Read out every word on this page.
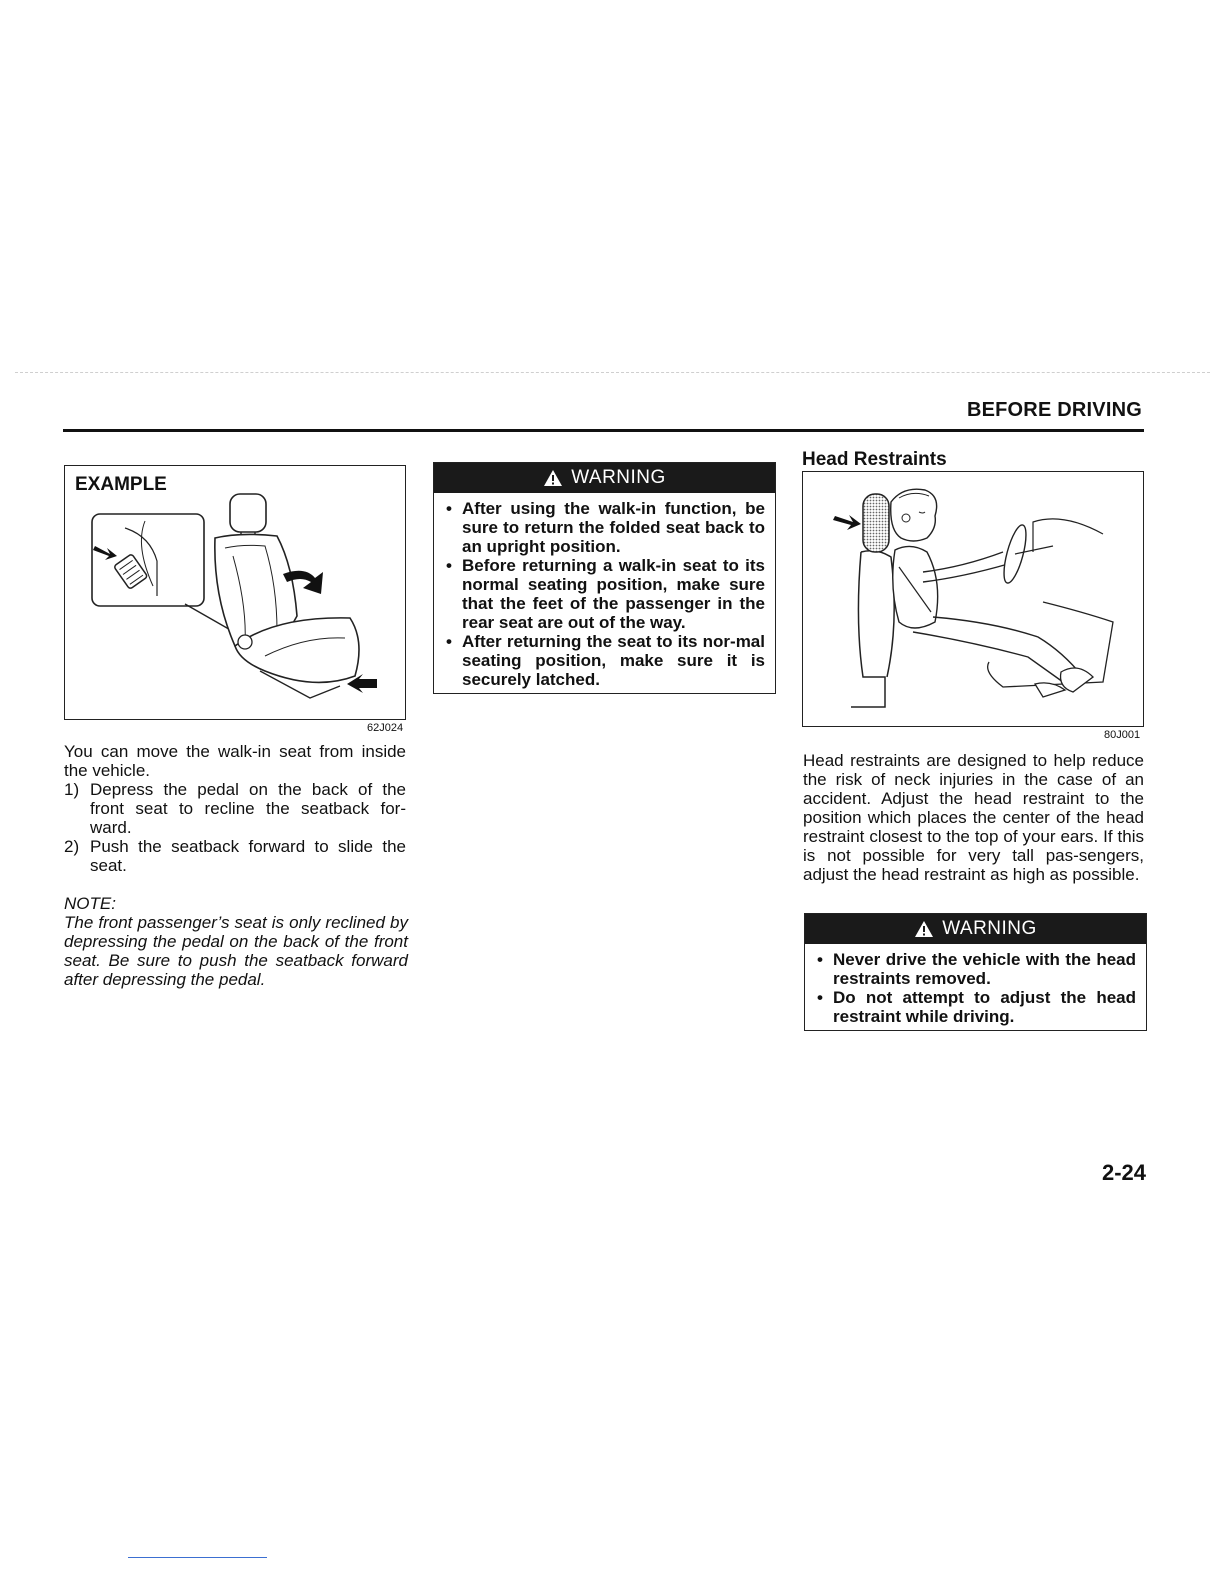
BEFORE DRIVING
EXAMPLE
62J024
You can move the walk-in seat from inside the vehicle.
1) Depress the pedal on the back of the front seat to recline the seatback for-ward.
2) Push the seatback forward to slide the seat.
NOTE:
The front passenger’s seat is only reclined by depressing the pedal on the back of the front seat. Be sure to push the seatback forward after depressing the pedal.
WARNING
• After using the walk-in function, be sure to return the folded seat back to an upright position.
• Before returning a walk-in seat to its normal seating position, make sure that the feet of the passenger in the rear seat are out of the way.
• After returning the seat to its nor-mal seating position, make sure it is securely latched.
Head Restraints
80J001
Head restraints are designed to help reduce the risk of neck injuries in the case of an accident. Adjust the head restraint to the position which places the center of the head restraint closest to the top of your ears. If this is not possible for very tall pas-sengers, adjust the head restraint as high as possible.
WARNING
• Never drive the vehicle with the head restraints removed.
• Do not attempt to adjust the head restraint while driving.
2-24
